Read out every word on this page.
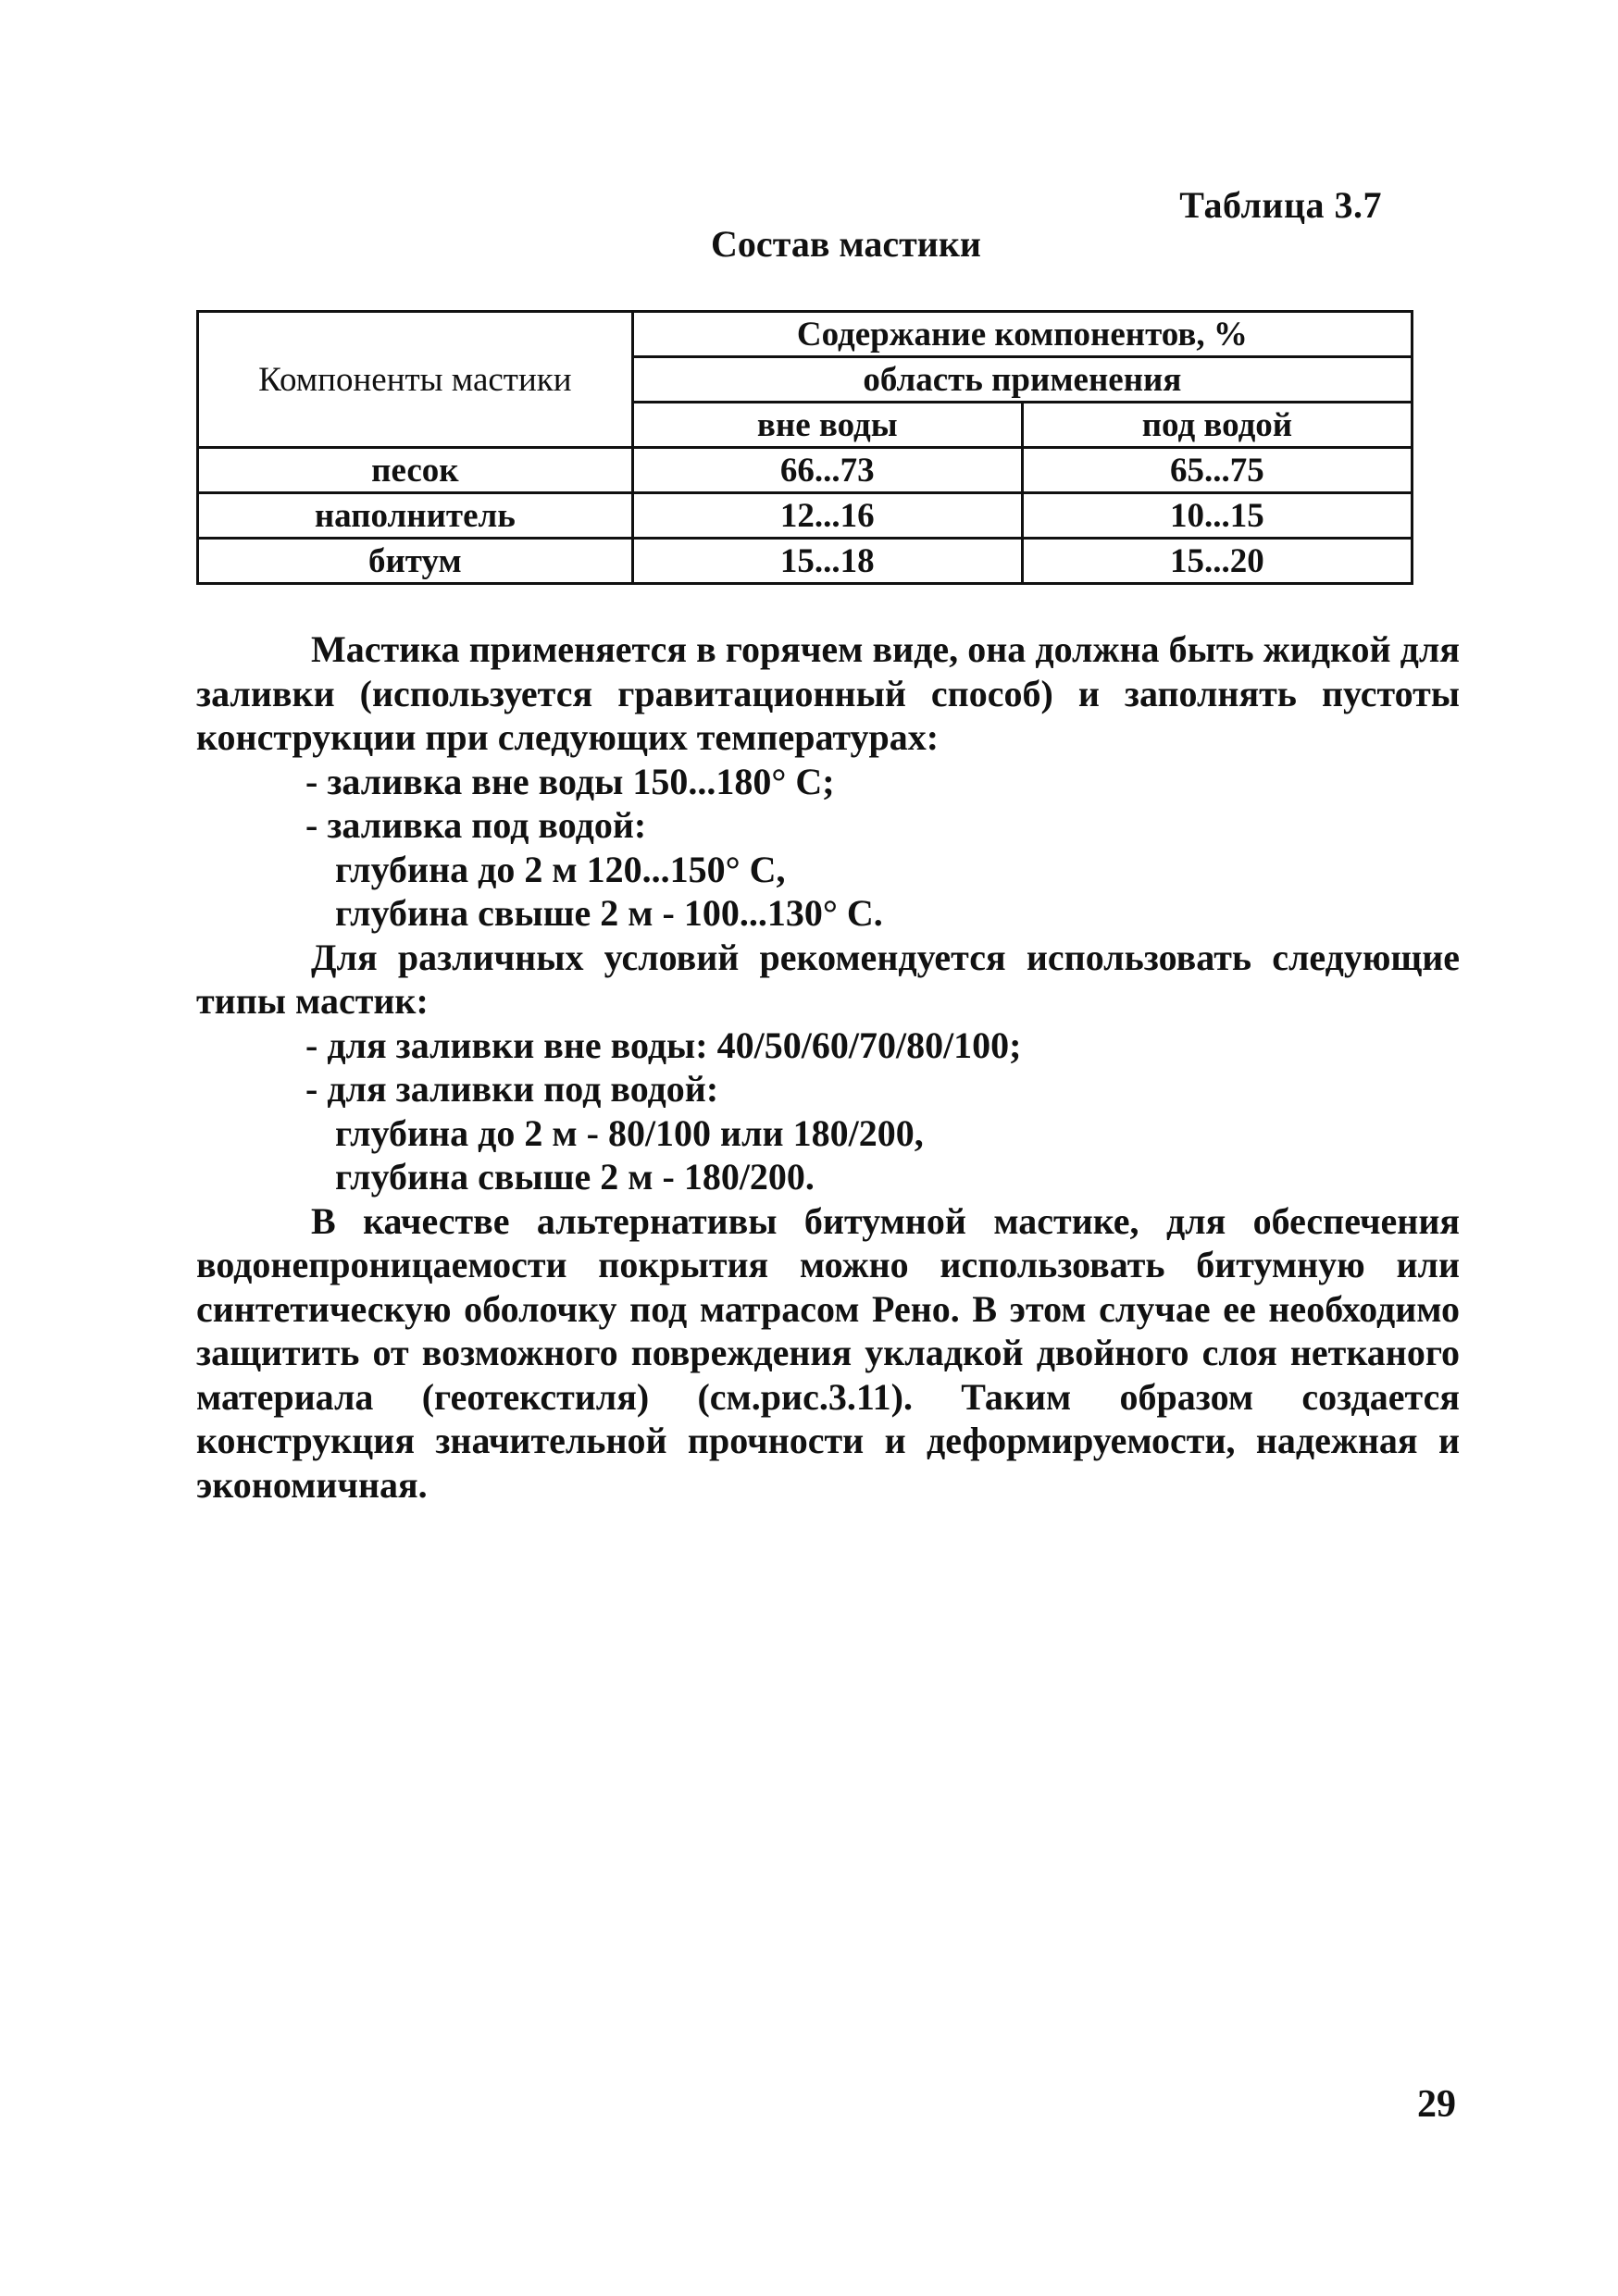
Таблица 3.7
Состав мастики
Компоненты мастики	Содержание компонентов, %	
	область применения	
	вне воды	под водой
песок	66...73	65...75
наполнитель	12...16	10...15
битум	15...18	15...20

Мастика применяется в горячем виде, она должна быть жидкой для заливки (используется гравитационный способ) и заполнять пустоты конструкции при следующих температурах:

- заливка вне воды 150...180° С;

- заливка под водой:

глубина до 2 м 120...150° С,

глубина свыше 2 м - 100...130° С.

Для различных условий рекомендуется использовать следующие типы мастик:

- для заливки вне воды: 40/50/60/70/80/100;

- для заливки под водой:

глубина до 2 м - 80/100 или 180/200,

глубина свыше 2 м - 180/200.

В качестве альтернативы битумной мастике, для обеспечения водонепроницаемости покрытия можно использовать битумную или синтетическую оболочку под матрасом Рено. В этом случае ее необходимо защитить от возможного повреждения укладкой двойного слоя нетканого материала (геотекстиля) (см.рис.3.11). Таким образом создается конструкция значительной прочности и деформируемости, надежная и экономичная.

29
